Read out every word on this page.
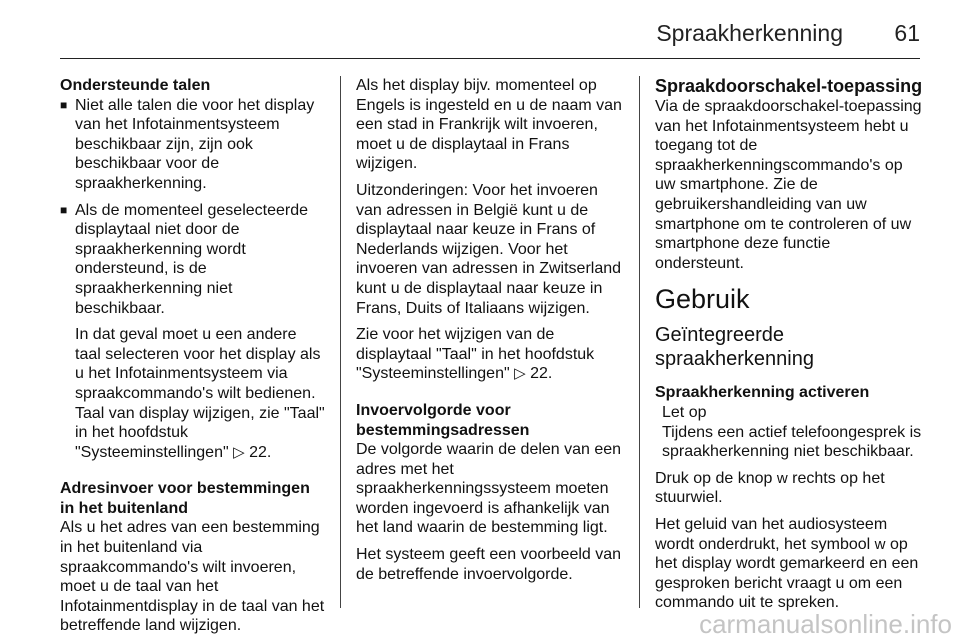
Spraakherkenning 61
Ondersteunde talen
■ Niet alle talen die voor het display van het Infotainmentsysteem beschikbaar zijn, zijn ook beschikbaar voor de spraakherkenning.
■ Als de momenteel geselecteerde displaytaal niet door de spraakherkenning wordt ondersteund, is de spraakherkenning niet beschikbaar.

In dat geval moet u een andere taal selecteren voor het display als u het Infotainmentsysteem via spraakcommando's wilt bedienen. Taal van display wijzigen, zie "Taal" in het hoofdstuk "Systeeminstellingen" ▷ 22.

Adresinvoer voor bestemmingen in het buitenland

Als u het adres van een bestemming in het buitenland via spraakcommando's wilt invoeren, moet u de taal van het Infotainmentdisplay in de taal van het betreffende land wijzigen.

Als het display bijv. momenteel op Engels is ingesteld en u de naam van een stad in Frankrijk wilt invoeren, moet u de displaytaal in Frans wijzigen.

Uitzonderingen: Voor het invoeren van adressen in België kunt u de displaytaal naar keuze in Frans of Nederlands wijzigen. Voor het invoeren van adressen in Zwitserland kunt u de displaytaal naar keuze in Frans, Duits of Italiaans wijzigen.

Zie voor het wijzigen van de displaytaal "Taal" in het hoofdstuk "Systeeminstellingen" ▷ 22.

Invoervolgorde voor bestemmingsadressen

De volgorde waarin de delen van een adres met het spraakherkenningssysteem moeten worden ingevoerd is afhankelijk van het land waarin de bestemming ligt.

Het systeem geeft een voorbeeld van de betreffende invoervolgorde.

Spraakdoorschakel-toepassing

Via de spraakdoorschakel-toepassing van het Infotainmentsysteem hebt u toegang tot de spraakherkenningscommando's op uw smartphone. Zie de gebruikershandleiding van uw smartphone om te controleren of uw smartphone deze functie ondersteunt.

Gebruik
Geïntegreerde spraakherkenning
Spraakherkenning activeren
Let op
Tijdens een actief telefoongesprek is spraakherkenning niet beschikbaar.

Druk op de knop ᴡ rechts op het stuurwiel.

Het geluid van het audiosysteem wordt onderdrukt, het symbool ᴡ op het display wordt gemarkeerd en een gesproken bericht vraagt u om een commando uit te spreken.

carmanualsonline.info
